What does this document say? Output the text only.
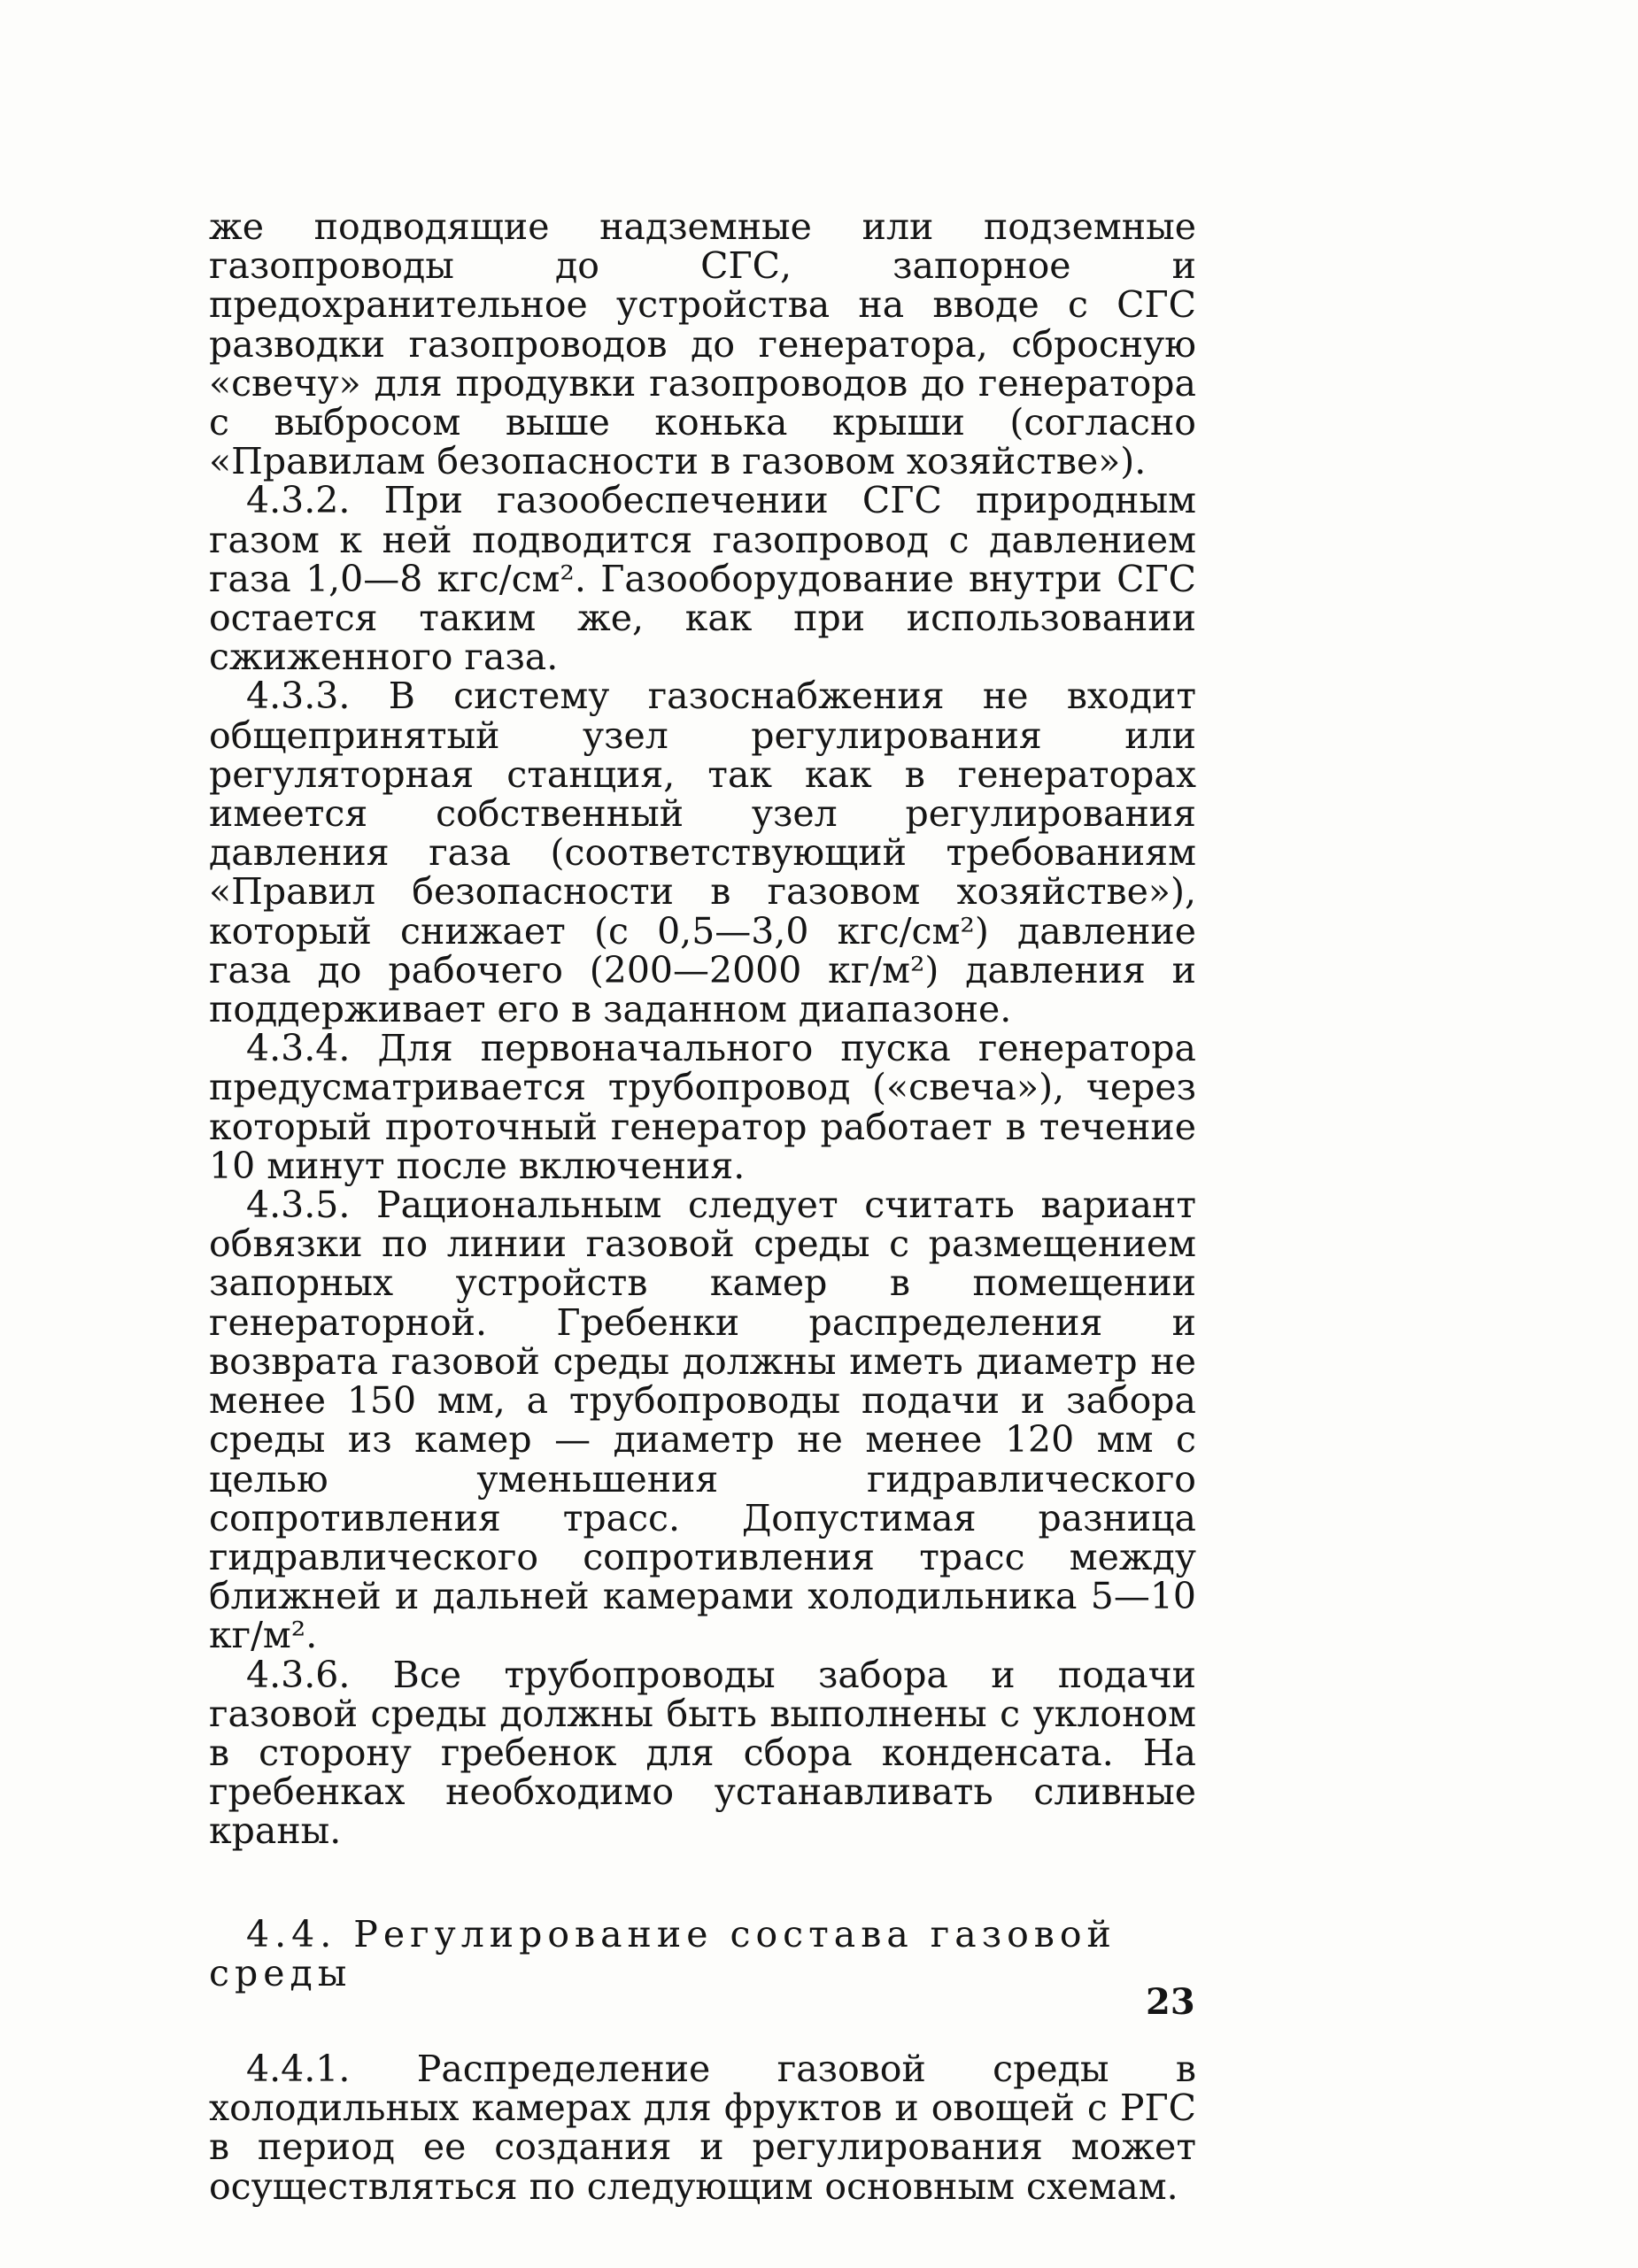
же подводящие надземные или подземные газопроводы до СГС, запорное и предохранительное устройства на вводе с СГС разводки газопроводов до генератора, сбросную «свечу» для продувки газопроводов до генератора с выбросом выше конька крыши (согласно «Правилам безопасности в газовом хозяйстве»).

4.3.2. При газообеспечении СГС природным газом к ней подводится газопровод с давлением газа 1,0—8 кгс/см². Газооборудование внутри СГС остается таким же, как при использовании сжиженного газа.

4.3.3. В систему газоснабжения не входит общепринятый узел регулирования или регуляторная станция, так как в генераторах имеется собственный узел регулирования давления газа (соответствующий требованиям «Правил безопасности в газовом хозяйстве»), который снижает (с 0,5—3,0 кгс/см²) давление газа до рабочего (200—2000 кг/м²) давления и поддерживает его в заданном диапазоне.

4.3.4. Для первоначального пуска генератора предусматривается трубопровод («свеча»), через который проточный генератор работает в течение 10 минут после включения.

4.3.5. Рациональным следует считать вариант обвязки по линии газовой среды с размещением запорных устройств камер в помещении генераторной. Гребенки распределения и возврата газовой среды должны иметь диаметр не менее 150 мм, а трубопроводы подачи и забора среды из камер — диаметр не менее 120 мм с целью уменьшения гидравлического сопротивления трасс. Допустимая разница гидравлического сопротивления трасс между ближней и дальней камерами холодильника 5—10 кг/м².

4.3.6. Все трубопроводы забора и подачи газовой среды должны быть выполнены с уклоном в сторону гребенок для сбора конденсата. На гребенках необходимо устанавливать сливные краны.

4.4. Регулирование состава газовой среды

4.4.1. Распределение газовой среды в холодильных камерах для фруктов и овощей с РГС в период ее создания и регулирования может осуществляться по следующим основным схемам.

23
